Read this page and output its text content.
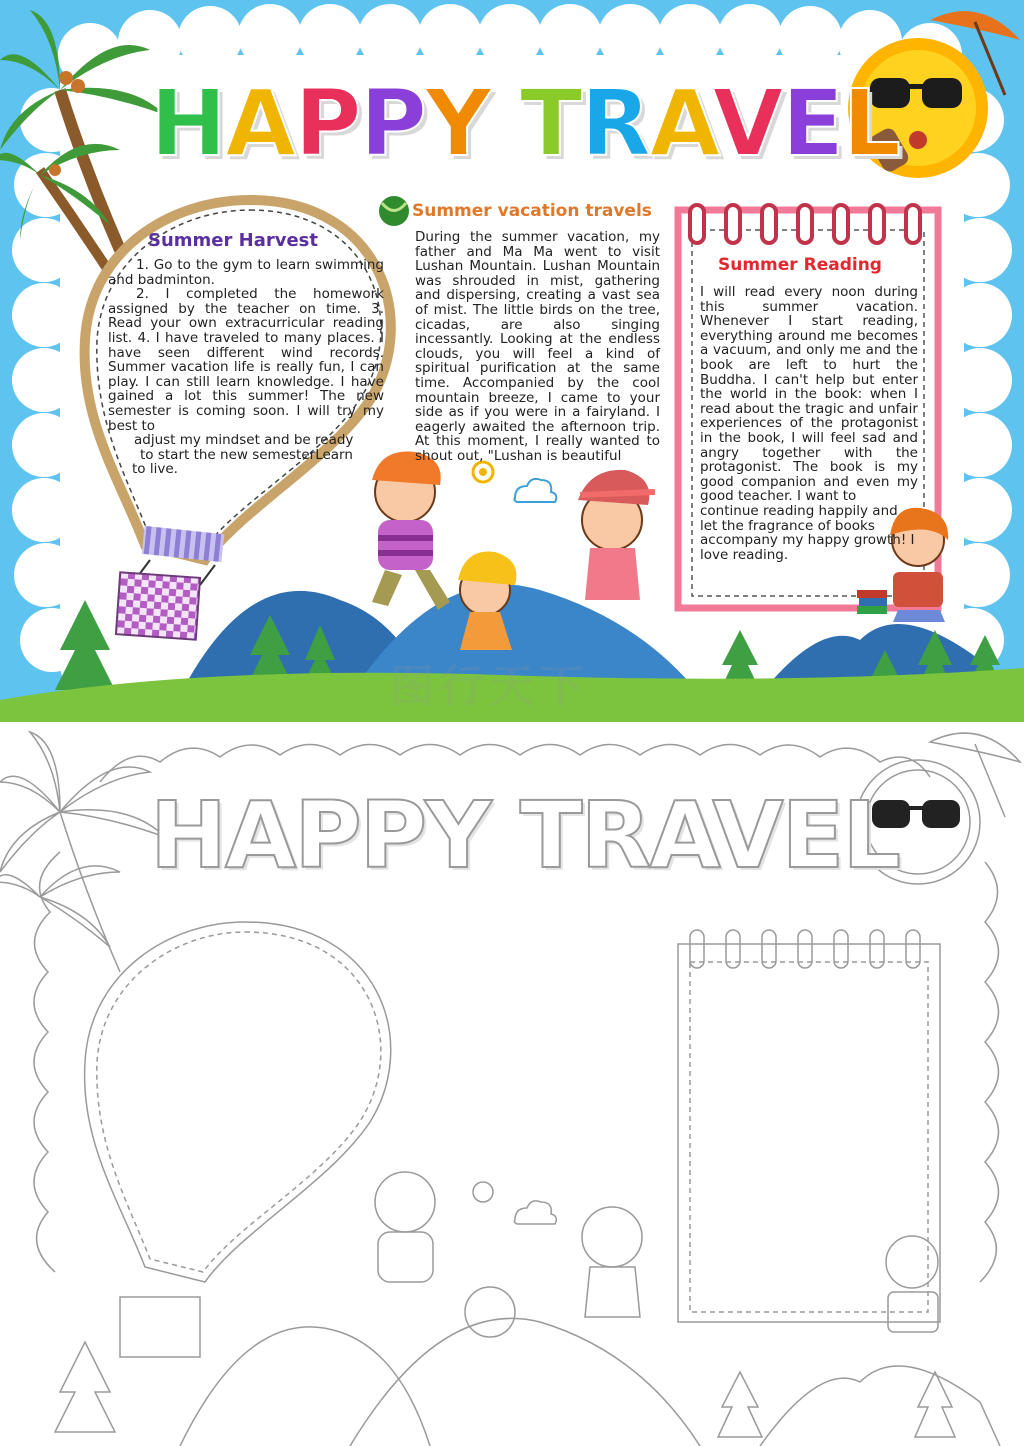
HAPPY TRAVEL
Summer Harvest

1. Go to the gym to learn swimming and badminton.

2. I completed the homework assigned by the teacher on time. 3. Read your own extracurricular reading list. 4. I have traveled to many places. I have seen different wind records. Summer vacation life is really fun, I can play. I can still learn knowledge. I have gained a lot this summer! The new semester is coming soon. I will try my best to

adjust my mindset and be ready

to start the new semesterLearn

to live.

Summer vacation travels

During the summer vacation, my father and Ma Ma went to visit Lushan Mountain. Lushan Mountain was shrouded in mist, gathering and dispersing, creating a vast sea of mist. The little birds on the tree, cicadas, are also singing incessantly. Looking at the endless clouds, you will feel a kind of spiritual purification at the same time. Accompanied by the cool mountain breeze, I came to your side as if you were in a fairyland. I eagerly awaited the afternoon trip. At this moment, I really wanted to shout out, "Lushan is beautiful

Summer Reading
I will read every noon during this summer vacation. Whenever I start reading, everything around me becomes a vacuum, and only me and the book are left to hurt the Buddha. I can't help but enter the world in the book: when I read about the tragic and unfair experiences of the protagonist in the book, I will feel sad and angry together with the protagonist. The book is my good companion and even my good teacher. I want to
continue reading happily and let the fragrance of books accompany my happy growth! I love reading.
图行天下
HAPPY TRAVEL
